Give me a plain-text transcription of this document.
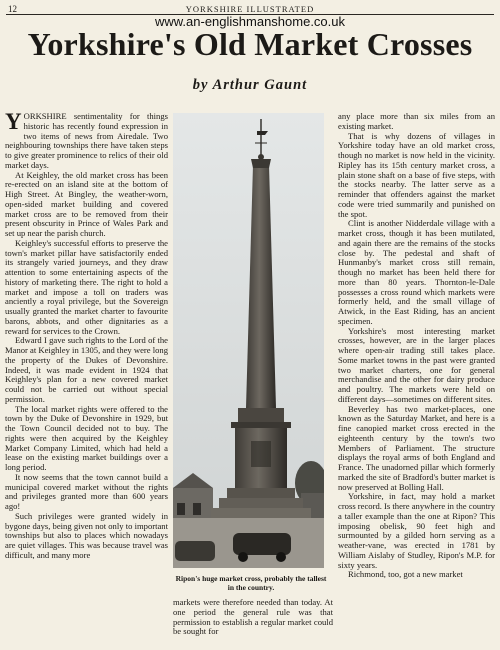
12	YORKSHIRE ILLUSTRATED
www.an-englishmanshome.co.uk
Yorkshire's Old Market Crosses
by Arthur Gaunt

YORKSHIRE sentimentality for things historic has recently found expression in two items of news from Airedale. Two neighbouring townships there have taken steps to give greater prominence to relics of their old market days.

At Keighley, the old market cross has been re-erected on an island site at the bottom of High Street. At Bingley, the weather-worn, open-sided market building and covered market cross are to be removed from their present obscurity in Prince of Wales Park and set up near the parish church.

Keighley's successful efforts to preserve the town's market pillar have satisfactorily ended its strangely varied journeys, and they draw attention to some entertaining aspects of the history of marketing there. The right to hold a market and impose a toll on traders was anciently a royal privilege, but the Sovereign usually granted the market charter to favourite barons, abbots, and other dignitaries as a reward for services to the Crown.

Edward I gave such rights to the Lord of the Manor at Keighley in 1305, and they were long the property of the Dukes of Devonshire. Indeed, it was made evident in 1924 that Keighley's plan for a new covered market could not be carried out without special permission.

The local market rights were offered to the town by the Duke of Devonshire in 1929, but the Town Council decided not to buy. The rights were then acquired by the Keighley Market Company Limited, which had held a lease on the existing market buildings over a long period.

It now seems that the town cannot build a municipal covered market without the rights and privileges granted more than 600 years ago!

Such privileges were granted widely in bygone days, being given not only to important townships but also to places which nowadays are quiet villages. This was because travel was difficult, and many more

Ripon's huge market cross, probably the tallest in the country.

markets were therefore needed than today. At one period the general rule was that permission to establish a regular market could be sought for

any place more than six miles from an existing market.

That is why dozens of villages in Yorkshire today have an old market cross, though no market is now held in the vicinity. Ripley has its 15th century market cross, a plain stone shaft on a base of five steps, with the stocks nearby. The latter serve as a reminder that offenders against the market code were tried summarily and punished on the spot.

Clint is another Nidderdale village with a market cross, though it has been mutilated, and again there are the remains of the stocks close by. The pedestal and shaft of Hunmanby's market cross still remain, though no market has been held there for more than 80 years. Thornton-le-Dale possesses a cross round which markets were formerly held, and the small village of Atwick, in the East Riding, has an ancient specimen.

Yorkshire's most interesting market crosses, however, are in the larger places where open-air trading still takes place. Some market towns in the past were granted two market charters, one for general merchandise and the other for dairy produce and poultry. The markets were held on different days—sometimes on different sites.

Beverley has two market-places, one known as the Saturday Market, and here is a fine canopied market cross erected in the eighteenth century by the town's two Members of Parliament. The structure displays the royal arms of both England and France. The unadorned pillar which formerly marked the site of Bradford's butter market is now preserved at Bolling Hall.

Yorkshire, in fact, may hold a market cross record. Is there anywhere in the country a taller example than the one at Ripon? This imposing obelisk, 90 feet high and surmounted by a gilded horn serving as a weather-vane, was erected in 1781 by William Aislaby of Studley, Ripon's M.P. for sixty years.

Richmond, too, got a new market
